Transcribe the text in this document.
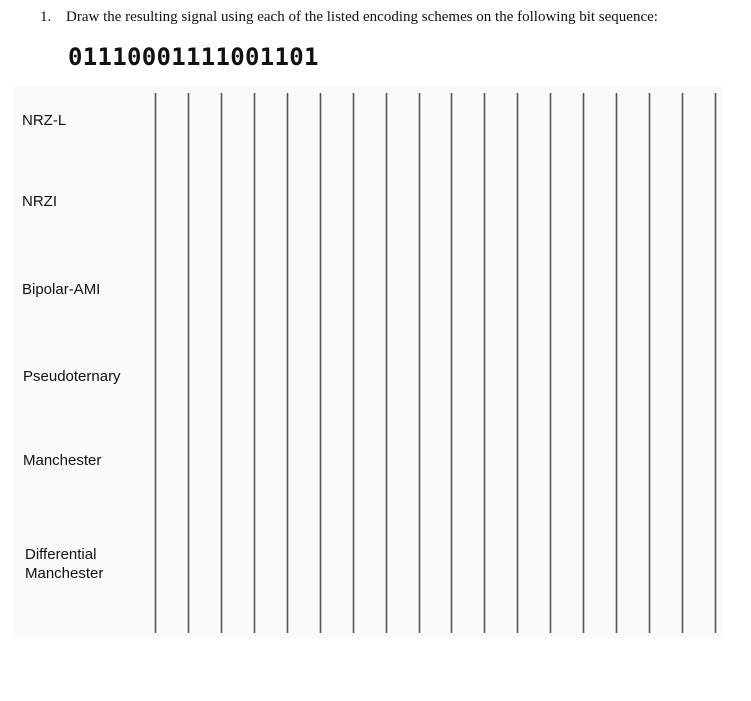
1. Draw the resulting signal using each of the listed encoding schemes on the following bit sequence:
01110001111001101
NRZ-L
NRZI
Bipolar-AMI
Pseudoternary
Manchester
Differential
Manchester
